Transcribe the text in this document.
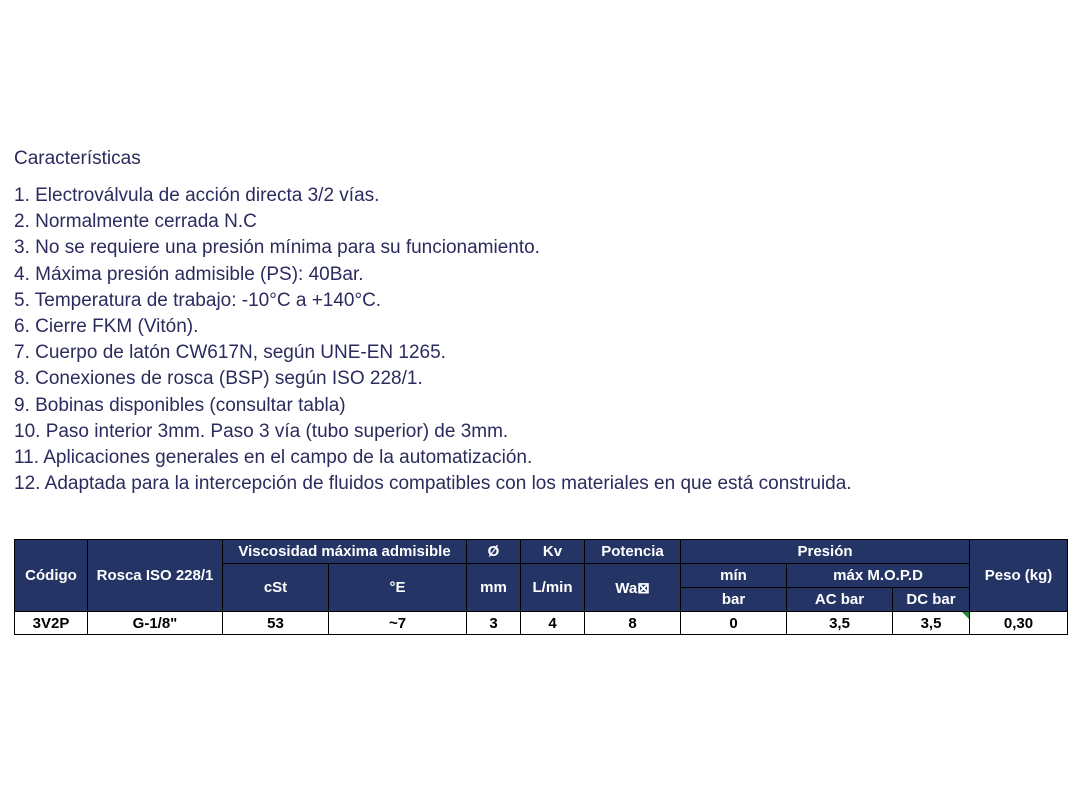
Características
1. Electroválvula de acción directa 3/2 vías.
2. Normalmente cerrada N.C
3. No se requiere una presión mínima para su funcionamiento.
4. Máxima presión admisible (PS): 40Bar.
5. Temperatura de trabajo: -10°C a +140°C.
6. Cierre FKM (Vitón).
7. Cuerpo de latón CW617N, según UNE-EN 1265.
8. Conexiones de rosca (BSP) según ISO 228/1.
9. Bobinas disponibles (consultar tabla)
10. Paso interior 3mm. Paso 3 vía (tubo superior) de 3mm.
11. Aplicaciones generales en el campo de la automatización.
12. Adaptada para la intercepción de fluidos compatibles con los materiales en que está construida.
Código	Rosca ISO 228/1	Viscosidad máxima admisible		Ø	Kv	Potencia	Presión			Peso (kg)
		cSt	°E	mm	L/min	Wa⊠	mín	máx M.O.P.D		
							bar	AC bar	DC bar	
3V2P	G-1/8"	53	~7	3	4	8	0	3,5	3,5	0,30
